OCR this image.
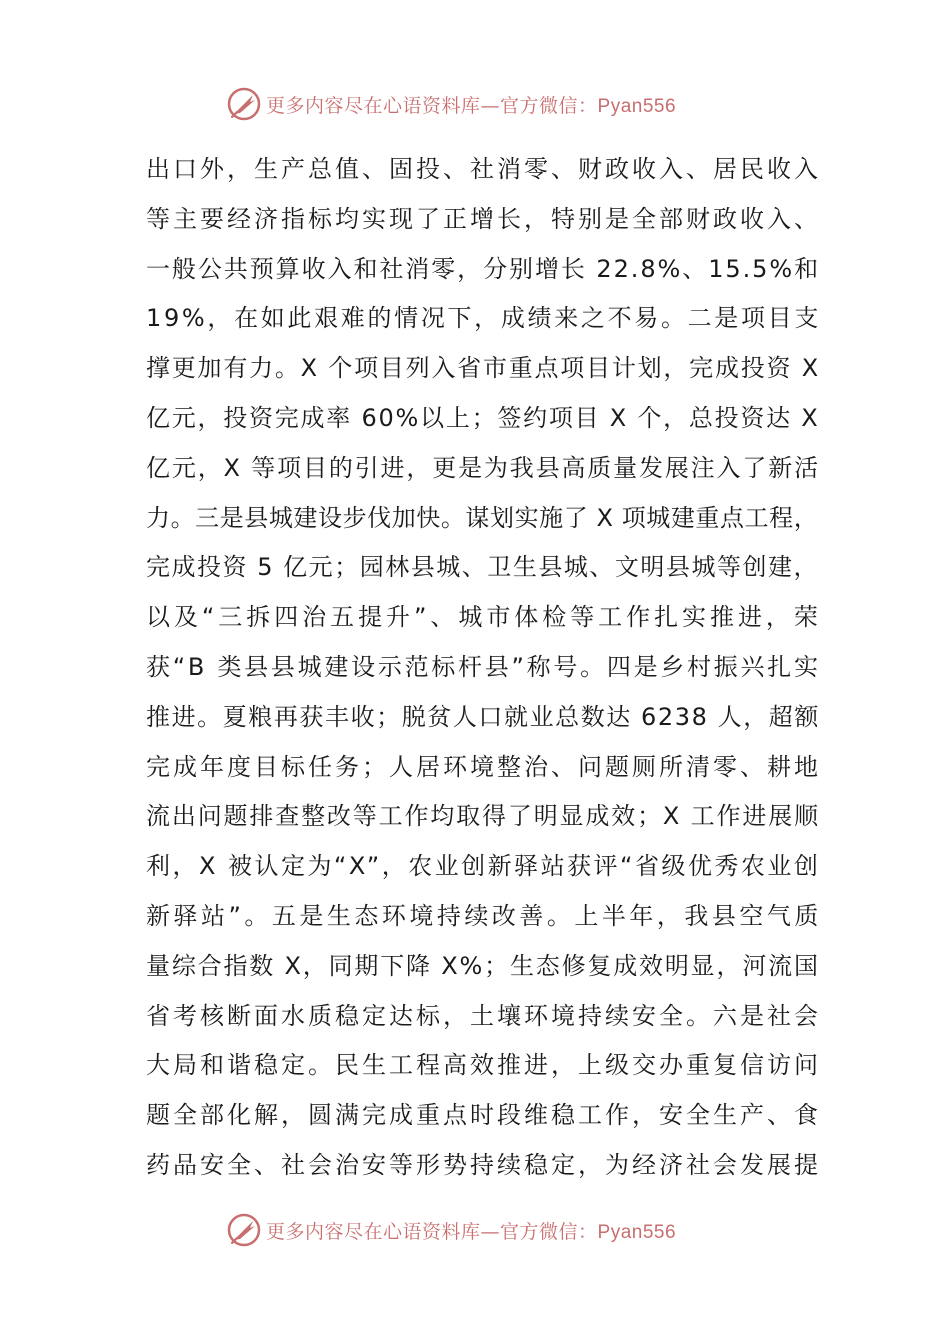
更多内容尽在心语资料库—官方微信：Pyan556
出口外，生产总值、固投、社消零、财政收入、居民收入
等主要经济指标均实现了正增长，特别是全部财政收入、
一般公共预算收入和社消零，分别增长 22.8%、15.5%和
19%，在如此艰难的情况下，成绩来之不易。二是项目支
撑更加有力。X 个项目列入省市重点项目计划，完成投资 X
亿元，投资完成率 60%以上；签约项目 X 个，总投资达 X
亿元，X 等项目的引进，更是为我县高质量发展注入了新活
力。三是县城建设步伐加快。谋划实施了 X 项城建重点工程，
完成投资 5 亿元；园林县城、卫生县城、文明县城等创建，
以及“三拆四治五提升”、城市体检等工作扎实推进，荣
获“B 类县县城建设示范标杆县”称号。四是乡村振兴扎实
推进。夏粮再获丰收；脱贫人口就业总数达 6238 人，超额
完成年度目标任务；人居环境整治、问题厕所清零、耕地
流出问题排查整改等工作均取得了明显成效；X 工作进展顺
利，X 被认定为“X”，农业创新驿站获评“省级优秀农业创
新驿站”。五是生态环境持续改善。上半年，我县空气质
量综合指数 X，同期下降 X%；生态修复成效明显，河流国
省考核断面水质稳定达标，土壤环境持续安全。六是社会
大局和谐稳定。民生工程高效推进，上级交办重复信访问
题全部化解，圆满完成重点时段维稳工作，安全生产、食
药品安全、社会治安等形势持续稳定，为经济社会发展提
更多内容尽在心语资料库—官方微信：Pyan556
